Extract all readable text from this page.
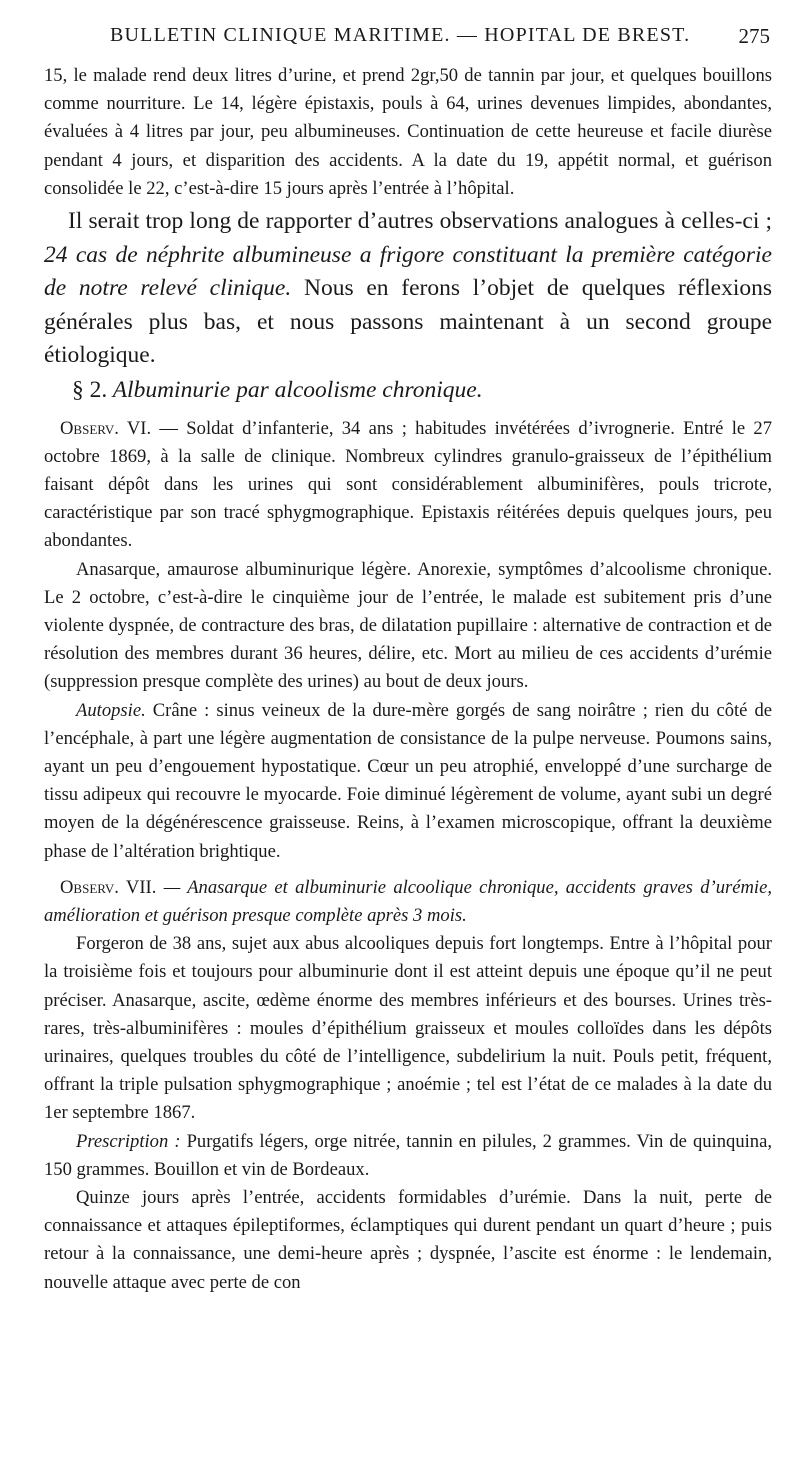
BULLETIN CLINIQUE MARITIME. — HOPITAL DE BREST. 275

15, le malade rend deux litres d’urine, et prend 2gr,50 de tannin par jour, et quelques bouillons comme nourriture. Le 14, légère épistaxis, pouls à 64, urines devenues limpides, abondantes, évaluées à 4 litres par jour, peu albumineuses. Continuation de cette heureuse et facile diurèse pendant 4 jours, et disparition des accidents. A la date du 19, appétit normal, et guérison consolidée le 22, c’est-à-dire 15 jours après l’entrée à l’hôpital.

Il serait trop long de rapporter d’autres observations analogues à celles-ci ; 24 cas de néphrite albumineuse a frigore constituant la première catégorie de notre relevé clinique. Nous en ferons l’objet de quelques réflexions générales plus bas, et nous passons maintenant à un second groupe étiologique.

§ 2. Albuminurie par alcoolisme chronique.

Observ. VI. — Soldat d’infanterie, 34 ans ; habitudes invétérées d’ivrognerie. Entré le 27 octobre 1869, à la salle de clinique. Nombreux cylindres granulo-graisseux de l’épithélium faisant dépôt dans les urines qui sont considérablement albuminifères, pouls tricrote, caractéristique par son tracé sphygmographique. Epistaxis réitérées depuis quelques jours, peu abondantes.

Anasarque, amaurose albuminurique légère. Anorexie, symptômes d’alcoolisme chronique. Le 2 octobre, c’est-à-dire le cinquième jour de l’entrée, le malade est subitement pris d’une violente dyspnée, de contracture des bras, de dilatation pupillaire : alternative de contraction et de résolution des membres durant 36 heures, délire, etc. Mort au milieu de ces accidents d’urémie (suppression presque complète des urines) au bout de deux jours.

Autopsie. Crâne : sinus veineux de la dure-mère gorgés de sang noirâtre ; rien du côté de l’encéphale, à part une légère augmentation de consistance de la pulpe nerveuse. Poumons sains, ayant un peu d’engouement hypostatique. Cœur un peu atrophié, enveloppé d’une surcharge de tissu adipeux qui recouvre le myocarde. Foie diminué légèrement de volume, ayant subi un degré moyen de la dégénérescence graisseuse. Reins, à l’examen microscopique, offrant la deuxième phase de l’altération brightique.

Observ. VII. — Anasarque et albuminurie alcoolique chronique, accidents graves d’urémie, amélioration et guérison presque complète après 3 mois.

Forgeron de 38 ans, sujet aux abus alcooliques depuis fort longtemps. Entre à l’hôpital pour la troisième fois et toujours pour albuminurie dont il est atteint depuis une époque qu’il ne peut préciser. Anasarque, ascite, œdème énorme des membres inférieurs et des bourses. Urines très-rares, très-albuminifères : moules d’épithélium graisseux et moules colloïdes dans les dépôts urinaires, quelques troubles du côté de l’intelligence, subdelirium la nuit. Pouls petit, fréquent, offrant la triple pulsation sphygmographique ; anoémie ; tel est l’état de ce malades à la date du 1er septembre 1867.

Prescription : Purgatifs légers, orge nitrée, tannin en pilules, 2 grammes. Vin de quinquina, 150 grammes. Bouillon et vin de Bordeaux.

Quinze jours après l’entrée, accidents formidables d’urémie. Dans la nuit, perte de connaissance et attaques épileptiformes, éclamptiques qui durent pendant un quart d’heure ; puis retour à la connaissance, une demi-heure après ; dyspnée, l’ascite est énorme : le lendemain, nouvelle attaque avec perte de con
